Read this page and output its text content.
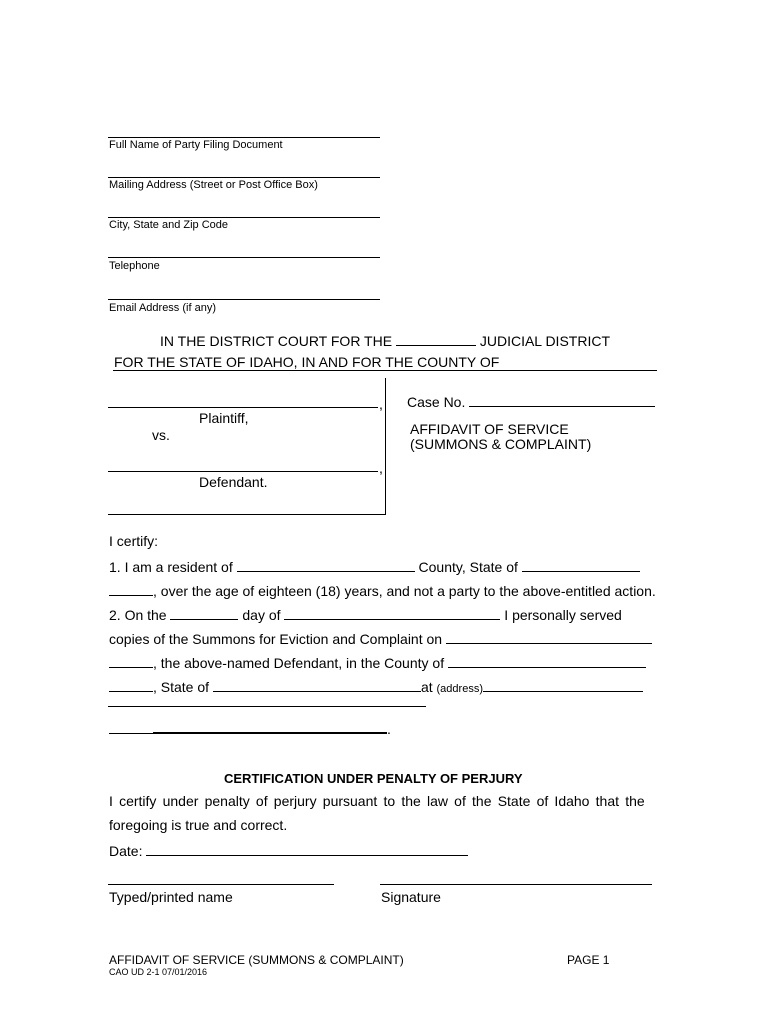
Full Name of Party Filing Document
Mailing Address (Street or Post Office Box)
City, State and Zip Code
Telephone
Email Address (if any)
IN THE DISTRICT COURT FOR THE	JUDICIAL DISTRICT
FOR THE STATE OF IDAHO, IN AND FOR THE COUNTY OF
,
Plaintiff,
vs.
,
Defendant.
Case No.
AFFIDAVIT OF SERVICE
(SUMMONS & COMPLAINT)
I certify:
1. I am a resident of	County, State of
, over the age of eighteen (18) years, and not a party to the above-entitled action.
2. On the	day of	I personally served
copies of the Summons for Eviction and Complaint on
, the above-named Defendant, in the County of
, State of	at (address)
.
CERTIFICATION UNDER PENALTY OF PERJURY
I certify under penalty of perjury pursuant to the law of the State of Idaho that the
foregoing is true and correct.
Date:
Typed/printed name	Signature
AFFIDAVIT OF SERVICE (SUMMONS & COMPLAINT)	PAGE 1
CAO UD 2-1 07/01/2016
